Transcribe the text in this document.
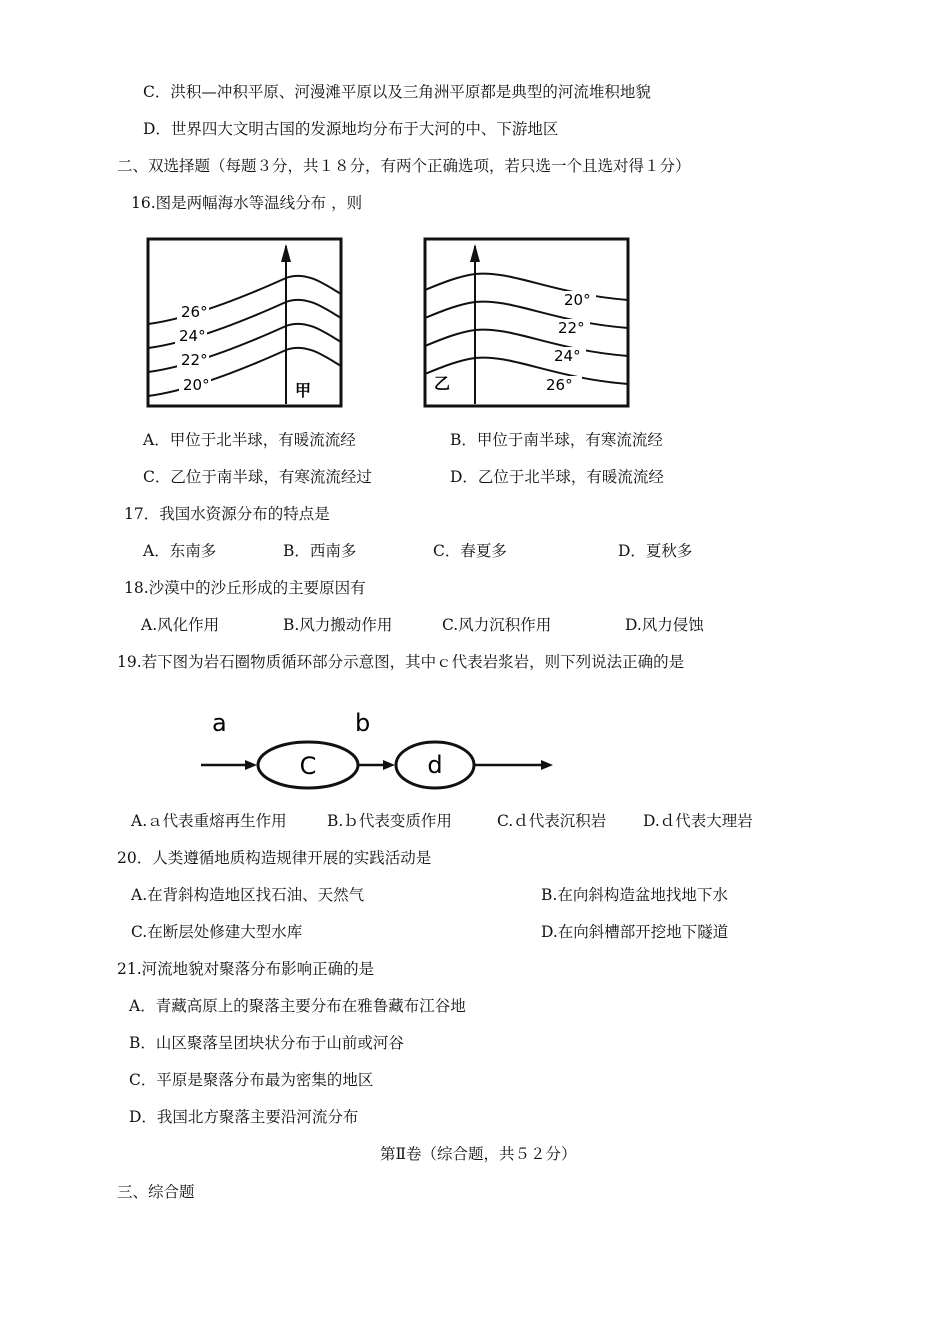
C．洪积—冲积平原、河漫滩平原以及三角洲平原都是典型的河流堆积地貌
D．世界四大文明古国的发源地均分布于大河的中、下游地区
二、双选择题（每题３分，共１８分，有两个正确选项，若只选一个且选对得１分）
16.图是两幅海水等温线分布 ，则
26°
24°
22°
20°	甲
20°
22°
24°
26°
乙
A．甲位于北半球，有暖流流经	B．甲位于南半球，有寒流流经
C．乙位于南半球，有寒流流经过	D．乙位于北半球，有暖流流经
17．我国水资源分布的特点是
A．东南多	B．西南多	C．春夏多	D．夏秋多
18.沙漠中的沙丘形成的主要原因有
A.风化作用	B.风力搬动作用	C.风力沉积作用	D.风力侵蚀
19.若下图为岩石圈物质循环部分示意图，其中ｃ代表岩浆岩，则下列说法正确的是
a	b
C	d
A.ａ代表重熔再生作用	B.ｂ代表变质作用	C.ｄ代表沉积岩 D.ｄ代表大理岩
20．人类遵循地质构造规律开展的实践活动是
A.在背斜构造地区找石油、天然气	B.在向斜构造盆地找地下水
C.在断层处修建大型水库	D.在向斜槽部开挖地下隧道
21.河流地貌对聚落分布影响正确的是
A．青藏高原上的聚落主要分布在雅鲁藏布江谷地
B．山区聚落呈团块状分布于山前或河谷
C．平原是聚落分布最为密集的地区
D．我国北方聚落主要沿河流分布
第Ⅱ卷（综合题，共５２分）
三、综合题
